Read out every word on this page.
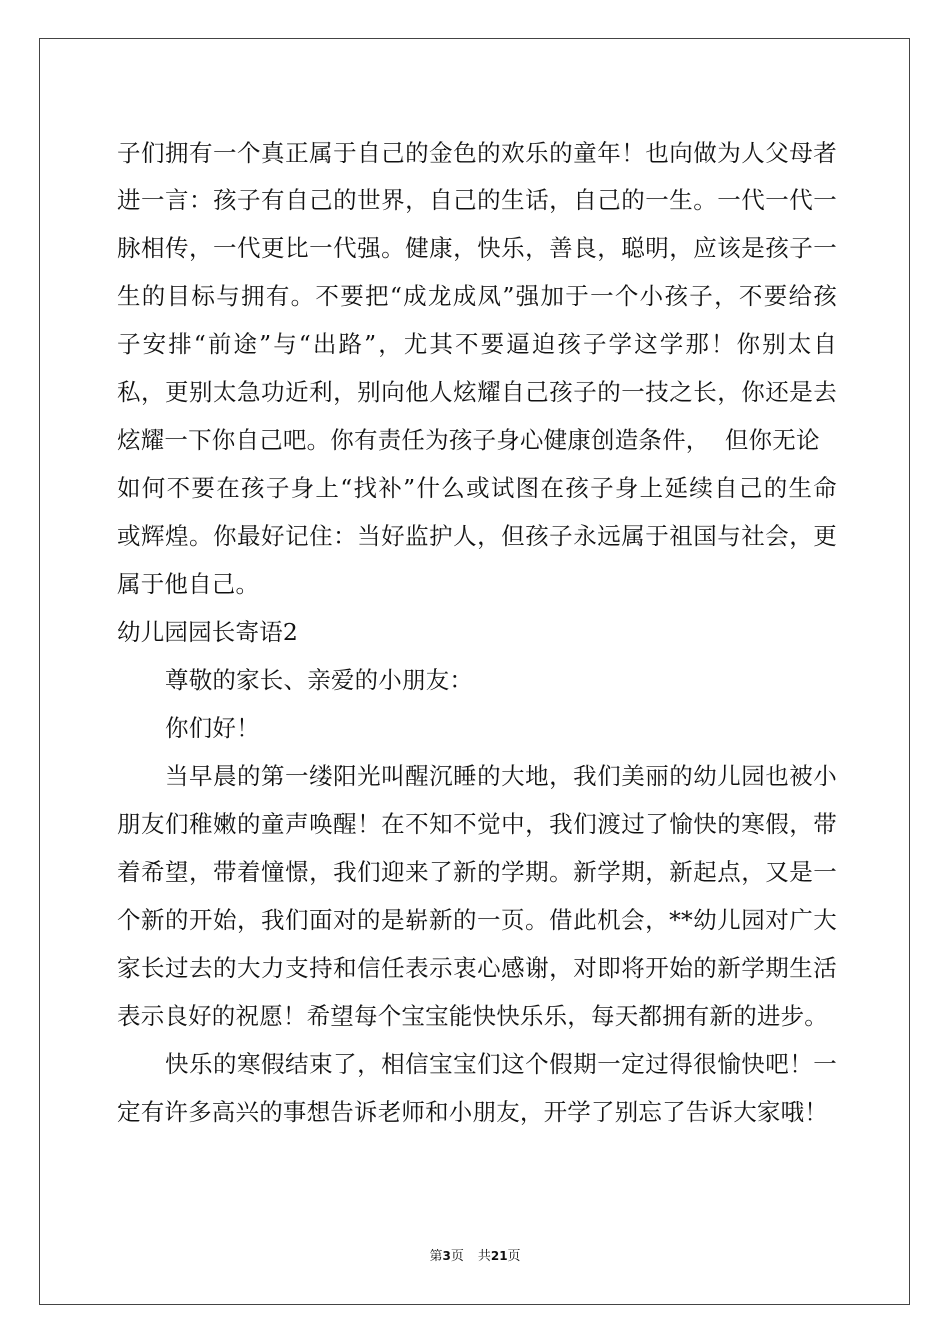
子们拥有一个真正属于自己的金色的欢乐的童年！也向做为人父母者
进一言：孩子有自己的世界，自己的生话，自己的一生。一代一代一
脉相传，一代更比一代强。健康，快乐，善良，聪明，应该是孩子一
生的目标与拥有。不要把“成龙成凤”强加于一个小孩子，不要给孩
子安排“前途”与“出路”，尤其不要逼迫孩子学这学那！你别太自
私，更别太急功近利，别向他人炫耀自己孩子的一技之长，你还是去
炫耀一下你自己吧。你有责任为孩子身心健康创造条件，  但你无论
如何不要在孩子身上“找补”什么或试图在孩子身上延续自己的生命
或辉煌。你最好记住：当好监护人，但孩子永远属于祖国与社会，更
属于他自己。
幼儿园园长寄语2
尊敬的家长、亲爱的小朋友：
你们好！
当早晨的第一缕阳光叫醒沉睡的大地，我们美丽的幼儿园也被小
朋友们稚嫩的童声唤醒！在不知不觉中，我们渡过了愉快的寒假，带
着希望，带着憧憬，我们迎来了新的学期。新学期，新起点，又是一
个新的开始，我们面对的是崭新的一页。借此机会，**幼儿园对广大
家长过去的大力支持和信任表示衷心感谢，对即将开始的新学期生活
表示良好的祝愿！希望每个宝宝能快快乐乐，每天都拥有新的进步。
快乐的寒假结束了，相信宝宝们这个假期一定过得很愉快吧！一
定有许多高兴的事想告诉老师和小朋友，开学了别忘了告诉大家哦！
第3页 共21页
